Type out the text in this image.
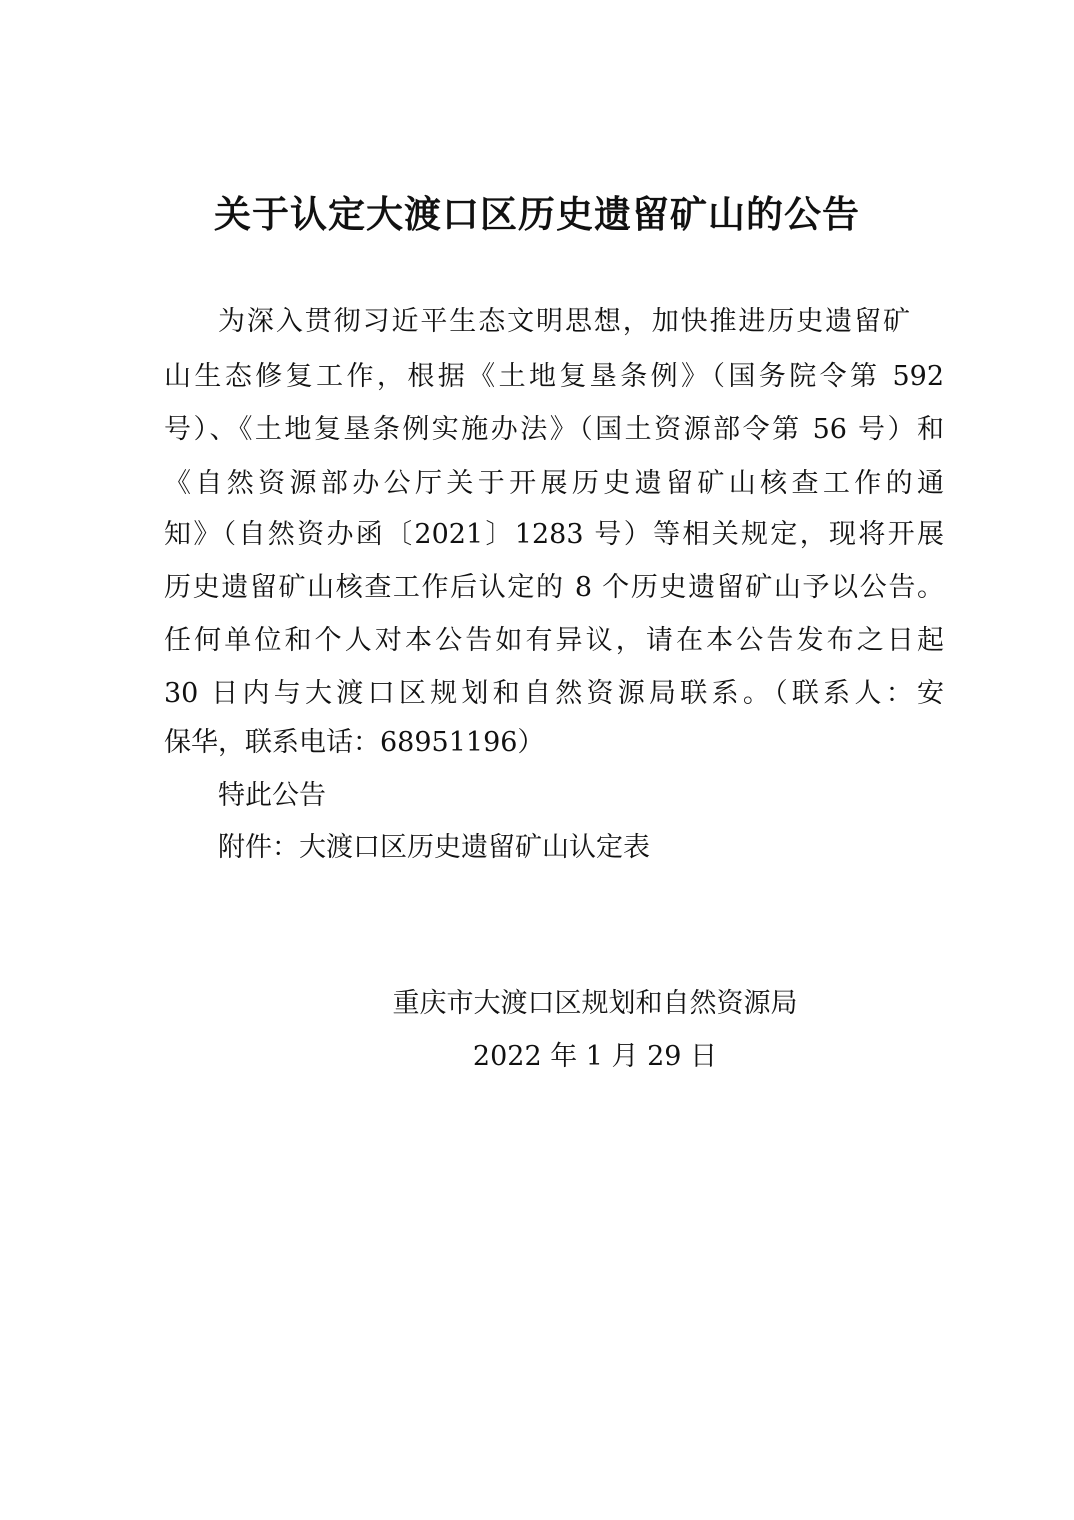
关于认定大渡口区历史遗留矿山的公告
为深入贯彻习近平生态文明思想，加快推进历史遗留矿
山生态修复工作，根据《土地复垦条例》（国务院令第 592
号）、《土地复垦条例实施办法》（国土资源部令第 56 号）和
《自然资源部办公厅关于开展历史遗留矿山核查工作的通
知》（自然资办函〔2021〕1283 号）等相关规定，现将开展
历史遗留矿山核查工作后认定的 8 个历史遗留矿山予以公告。
任何单位和个人对本公告如有异议，请在本公告发布之日起
30 日内与大渡口区规划和自然资源局联系。（联系人：安
保华，联系电话：68951196）
特此公告
附件：大渡口区历史遗留矿山认定表
重庆市大渡口区规划和自然资源局
2022 年 1 月 29 日
